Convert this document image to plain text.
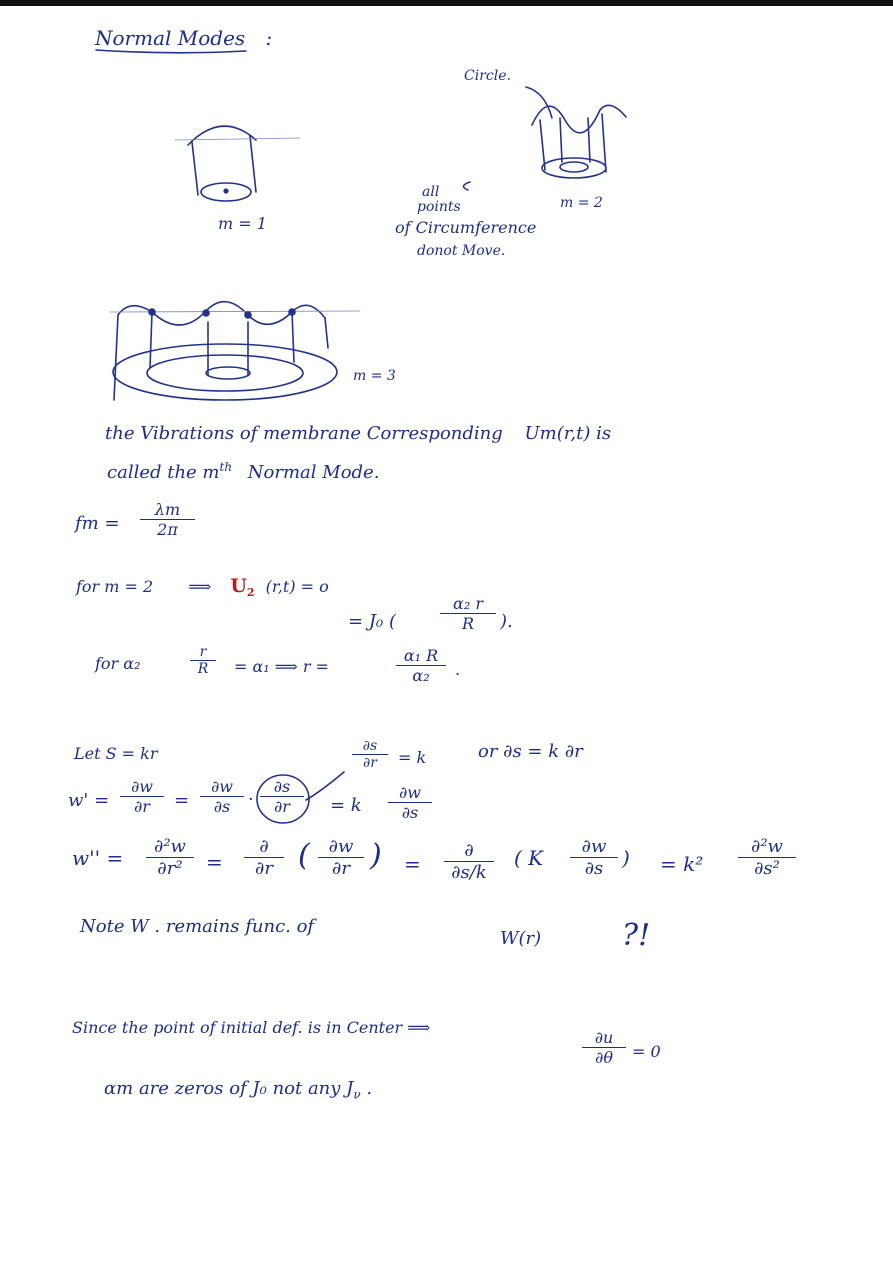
Normal Modes :
m = 1
Circle.
all
points
of Circumference
donot Move.
m = 2
m = 3
the Vibrations of membrane Corresponding Um(r,t) is
called the $m^{th}$ Normal Mode.
fm = $\frac{\lambda m}{2\pi}$
for m = 2 ⟹ $U_2$ (r,t) = o
= J₀ (	$\frac{\text{α₂ r}}{R}$ ).
for α₂	$\frac{r}{R} = \alpha_1$ ⟹ r =	$\frac{\text{α₁ R}}{\text{α₂}}$ .
Let S = kr	$\frac{\partial s}{\partial r} = k$	or ∂s = k ∂r
$w' = \frac{\partial w}{\partial r} = \frac{\partial w}{\partial s} \cdot \frac{\partial s}{\partial r} = k \frac{\partial w}{\partial s}$
$w'' = \frac{\text{∂²w}}{\text{∂r²}}$ =
∂
∂r ( $\frac{\partial w}{\partial r}$ ) =
∂
∂s/k
( K $\frac{\partial w}{\partial s}$ ) = $k^2 \frac{\text{∂²w}}{\text{∂s²}}$
Note W . remains func. of
W(r)	?!
Since the point of initial def. is in Center ⟹
$\frac{\partial u}{\partial\theta} = 0$
αm are zeros of J₀ not any $J_\nu$ .
